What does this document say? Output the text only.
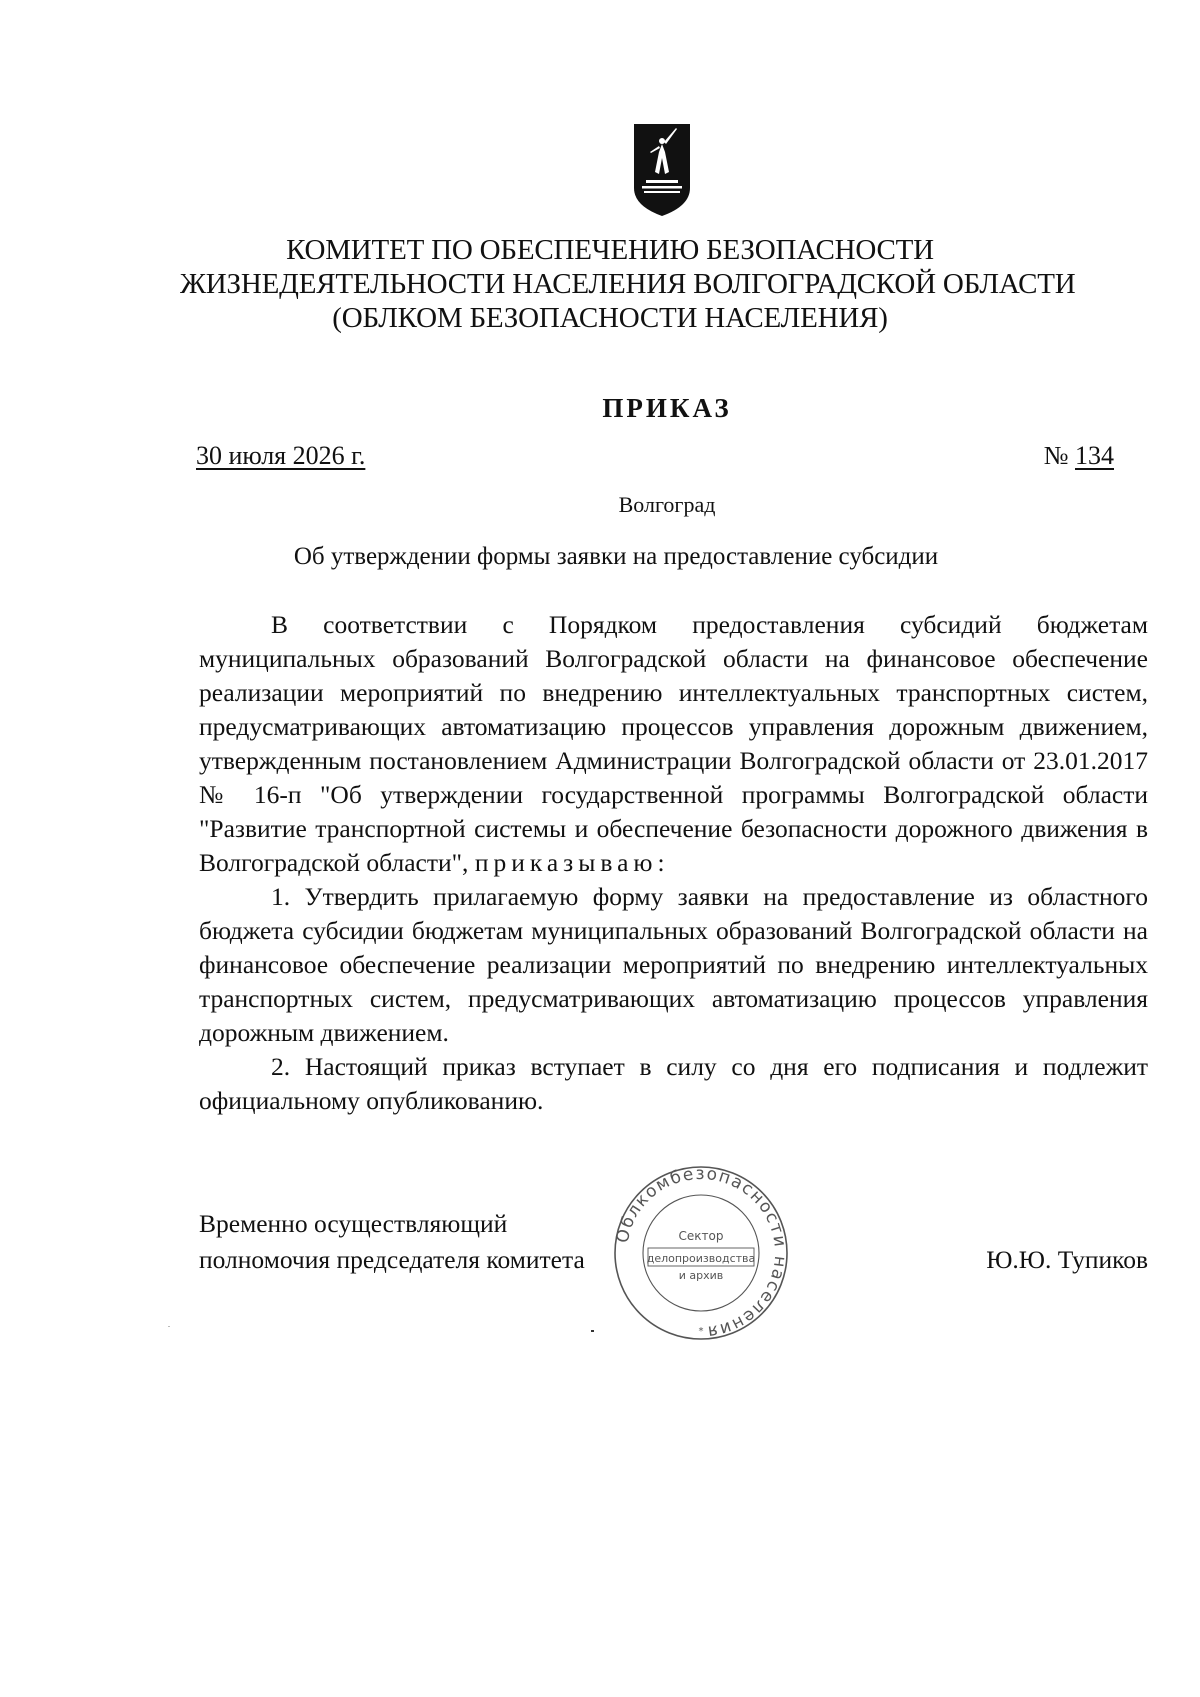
КОМИТЕТ ПО ОБЕСПЕЧЕНИЮ БЕЗОПАСНОСТИ
ЖИЗНЕДЕЯТЕЛЬНОСТИ НАСЕЛЕНИЯ ВОЛГОГРАДСКОЙ ОБЛАСТИ
(ОБЛКОМ БЕЗОПАСНОСТИ НАСЕЛЕНИЯ)
ПРИКАЗ
30 июля 2026 г.	№ 134
Волгоград
Об утверждении формы заявки на предоставление субсидии

В соответствии с Порядком предоставления субсидий бюджетам муниципальных образований Волгоградской области на финансовое обеспечение реализации мероприятий по внедрению интеллектуальных транспортных систем, предусматривающих автоматизацию процессов управления дорожным движением, утвержденным постановлением Администрации Волгоградской области от 23.01.2017 № 16-п "Об утверждении государственной программы Волгоградской области "Развитие транспортной системы и обеспечение безопасности дорожного движения в Волгоградской области", приказываю:

1. Утвердить прилагаемую форму заявки на предоставление из областного бюджета субсидии бюджетам муниципальных образований Волгоградской области на финансовое обеспечение реализации мероприятий по внедрению интеллектуальных транспортных систем, предусматривающих автоматизацию процессов управления дорожным движением.

2. Настоящий приказ вступает в силу со дня его подписания и подлежит официальному опубликованию.

Временно осуществляющий
полномочия председателя комитета	Ю.Ю. Тупиков
Облкомбезопасности населения
Сектор
делопроизводства
и архив
*
